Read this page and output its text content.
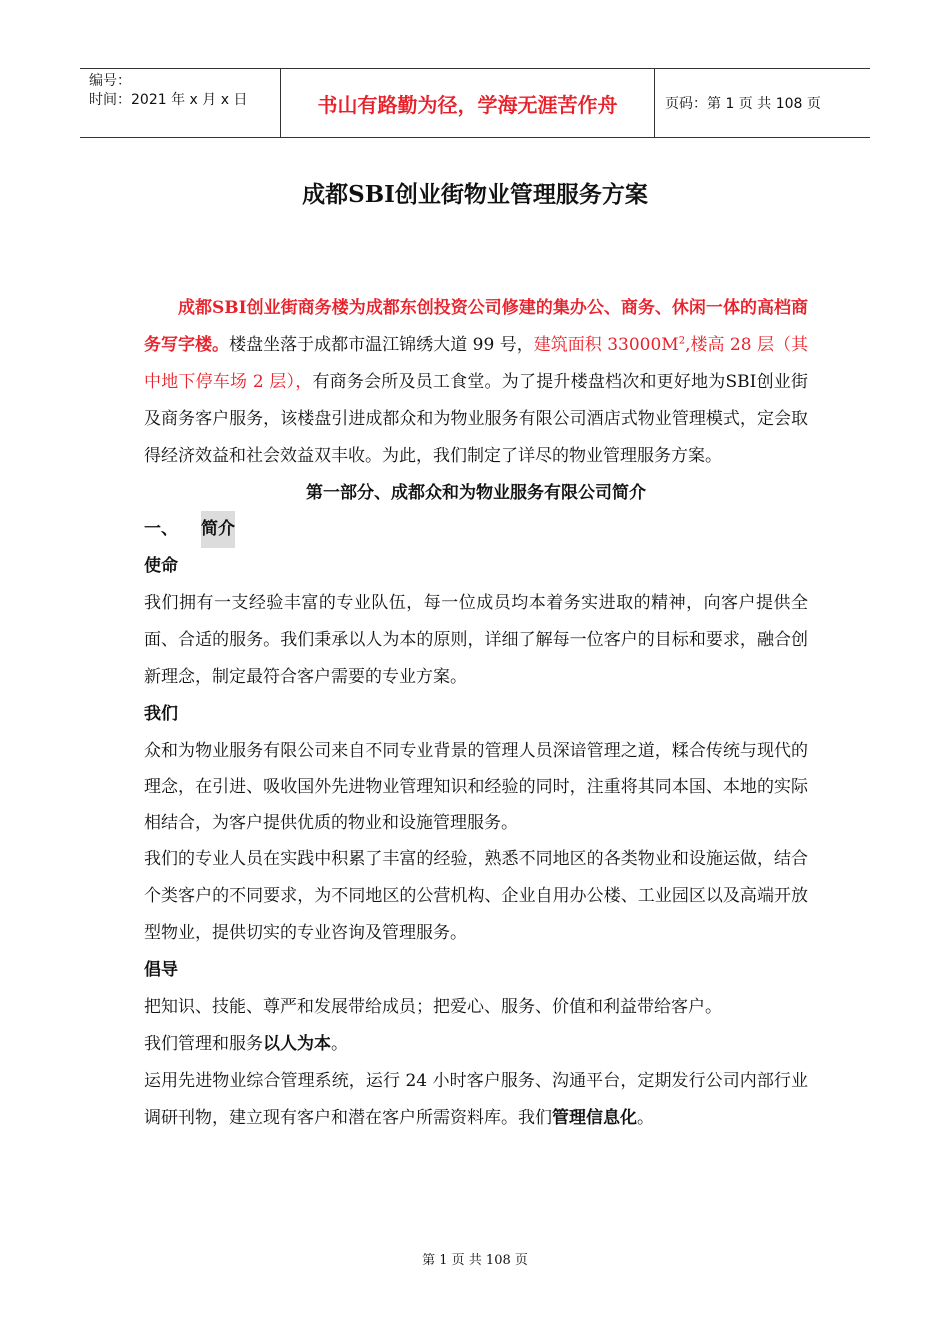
编号：
时间：2021 年 x 月 x 日	书山有路勤为径，学海无涯苦作舟	页码：第 1 页 共 108 页
成都SBI创业街物业管理服务方案

成都SBI创业街商务楼为成都东创投资公司修建的集办公、商务、休闲一体的高档商务写字楼。楼盘坐落于成都市温江锦绣大道 99 号，建筑面积 $33000M^2$,楼高 28 层（其中地下停车场 2 层），有商务会所及员工食堂。为了提升楼盘档次和更好地为SBI创业街及商务客户服务，该楼盘引进成都众和为物业服务有限公司酒店式物业管理模式，定会取得经济效益和社会效益双丰收。为此，我们制定了详尽的物业管理服务方案。

第一部分、成都众和为物业服务有限公司简介

一、	简介

使命

我们拥有一支经验丰富的专业队伍，每一位成员均本着务实进取的精神，向客户提供全面、合适的服务。我们秉承以人为本的原则，详细了解每一位客户的目标和要求，融合创新理念，制定最符合客户需要的专业方案。

我们

众和为物业服务有限公司来自不同专业背景的管理人员深谙管理之道，糅合传统与现代的理念，在引进、吸收国外先进物业管理知识和经验的同时，注重将其同本国、本地的实际相结合，为客户提供优质的物业和设施管理服务。

我们的专业人员在实践中积累了丰富的经验，熟悉不同地区的各类物业和设施运做，结合个类客户的不同要求，为不同地区的公营机构、企业自用办公楼、工业园区以及高端开放型物业，提供切实的专业咨询及管理服务。

倡导

把知识、技能、尊严和发展带给成员；把爱心、服务、价值和利益带给客户。

我们管理和服务以人为本。

运用先进物业综合管理系统，运行 24 小时客户服务、沟通平台，定期发行公司内部行业调研刊物，建立现有客户和潜在客户所需资料库。我们管理信息化。

第 1 页 共 108 页
